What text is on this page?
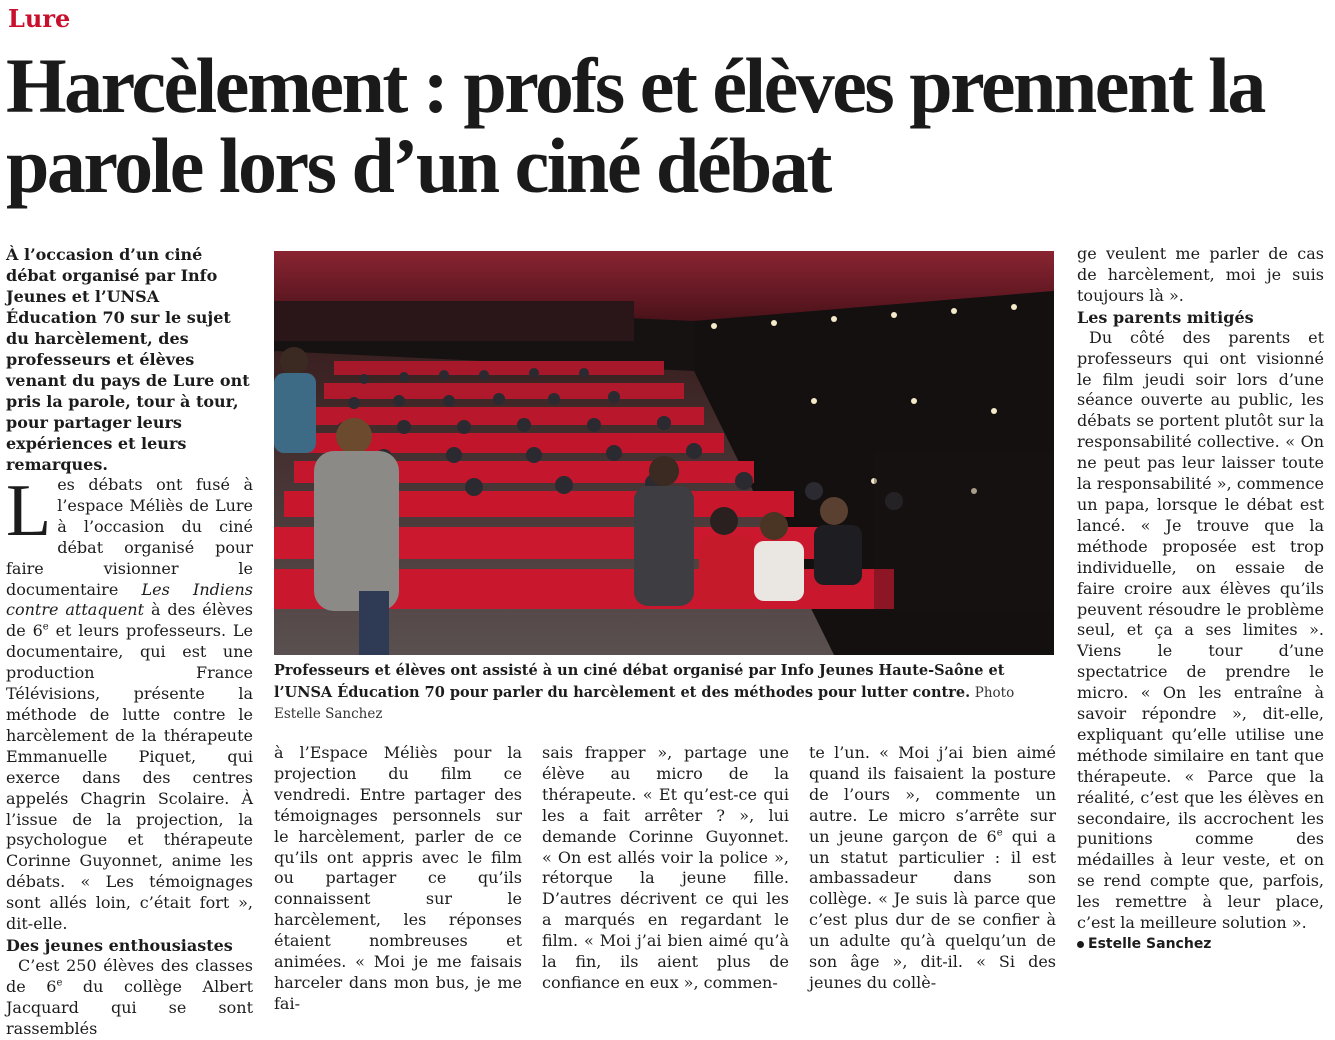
Lure
Harcèlement : profs et élèves prennent la parole lors d’un ciné débat

À l’occasion d’un ciné débat organisé par Info Jeunes et l’UNSA Éducation 70 sur le sujet du harcèlement, des professeurs et élèves venant du pays de Lure ont pris la parole, tour à tour, pour partager leurs expériences et leurs remarques.

Les débats ont fusé à l’espace Méliès de Lure à l’occasion du ciné débat organisé pour faire visionner le documentaire Les Indiens contre attaquent à des élèves de 6e et leurs professeurs. Le documentaire, qui est une production France Télévisions, présente la méthode de lutte contre le harcèlement de la thérapeute Emmanuelle Piquet, qui exerce dans des centres appelés Chagrin Scolaire. À l’issue de la projection, la psychologue et thérapeute Corinne Guyonnet, anime les débats. « Les témoignages sont allés loin, c’était fort », dit-elle.

Des jeunes enthousiastes

C’est 250 élèves des classes de 6e du collège Albert Jacquard qui se sont rassemblés

Professeurs et élèves ont assisté à un ciné débat organisé par Info Jeunes Haute-Saône et l’UNSA Éducation 70 pour parler du harcèlement et des méthodes pour lutter contre. Photo Estelle Sanchez

à l’Espace Méliès pour la projection du film ce vendredi. Entre partager des témoignages personnels sur le harcèlement, parler de ce qu’ils ont appris avec le film ou partager ce qu’ils connaissent sur le harcèlement, les réponses étaient nombreuses et animées. « Moi je me faisais harceler dans mon bus, je me fai-

sais frapper », partage une élève au micro de la thérapeute. « Et qu’est-ce qui les a fait arrêter ? », lui demande Corinne Guyonnet. « On est allés voir la police », rétorque la jeune fille. D’autres décrivent ce qui les a marqués en regardant le film. « Moi j’ai bien aimé qu’à la fin, ils aient plus de confiance en eux », commen-

te l’un. « Moi j’ai bien aimé quand ils faisaient la posture de l’ours », commente un autre. Le micro s’arrête sur un jeune garçon de 6e qui a un statut particulier : il est ambassadeur dans son collège. « Je suis là parce que c’est plus dur de se confier à un adulte qu’à quelqu’un de son âge », dit-il. « Si des jeunes du collè-

ge veulent me parler de cas de harcèlement, moi je suis toujours là ».

Les parents mitigés

Du côté des parents et professeurs qui ont visionné le film jeudi soir lors d’une séance ouverte au public, les débats se portent plutôt sur la responsabilité collective. « On ne peut pas leur laisser toute la responsabilité », commence un papa, lorsque le débat est lancé. « Je trouve que la méthode proposée est trop individuelle, on essaie de faire croire aux élèves qu’ils peuvent résoudre le problème seul, et ça a ses limites ». Viens le tour d’une spectatrice de prendre le micro. « On les entraîne à savoir répondre », dit-elle, expliquant qu’elle utilise une méthode similaire en tant que thérapeute. « Parce que la réalité, c’est que les élèves en secondaire, ils accrochent les punitions comme des médailles à leur veste, et on se rend compte que, parfois, les remettre à leur place, c’est la meilleure solution ».

Estelle Sanchez
